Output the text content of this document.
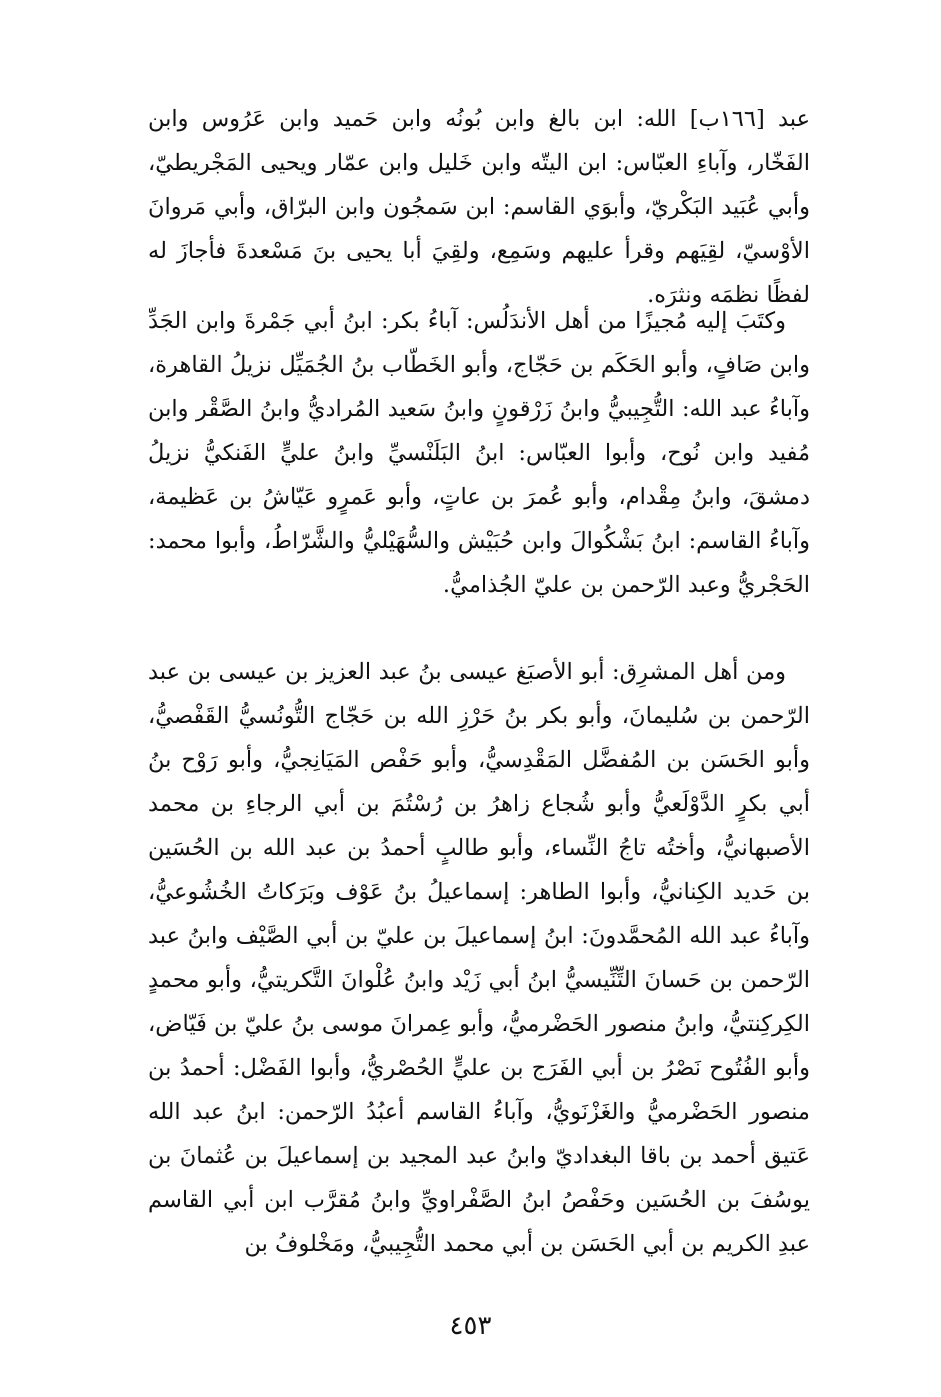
عبد [١٦٦ب] الله: ابن بالغ وابن بُونُه وابن حَميد وابن عَرُوس وابن الفَخّار، وآباءِ العبّاس: ابن اليتّه وابن خَليل وابن عمّار ويحيى المَجْريطيّ، وأبي عُبَيد البَكْريّ، وأبوَي القاسم: ابن سَمجُون وابن البرّاق، وأبي مَروانَ الأوْسيّ، لقِيَهم وقرأ عليهم وسَمِع، ولقِيَ أبا يحيى بنَ مَسْعدةَ فأجازَ له لفظًا نظمَه ونثرَه.

وكتَبَ إليه مُجيزًا من أهل الأندَلُس: آباءُ بكر: ابنُ أبي جَمْرةَ وابن الجَدِّ وابن صَافٍ، وأبو الحَكَم بن حَجّاج، وأبو الخَطّاب بنُ الجُمَيِّل نزيلُ القاهرة، وآباءُ عبد الله: التُّجِيبيُّ وابنُ زَرْقونٍ وابنُ سَعيد المُراديُّ وابنُ الصَّقْر وابن مُفيد وابن نُوح، وأبوا العبّاس: ابنُ البَلَنْسيِّ وابنُ عليٍّ الفَنكيُّ نزيلُ دمشقَ، وابنُ مِقْدام، وأبو عُمرَ بن عاتٍ، وأبو عَمرٍو عَيّاشُ بن عَظيمة، وآباءُ القاسم: ابنُ بَشْكُوالَ وابن حُبَيْش والسُّهَيْليُّ والشَّرّاطُ، وأبوا محمد: الحَجْريُّ وعبد الرّحمن بن عليّ الجُذاميُّ.

ومن أهل المشرِق: أبو الأصبَغ عيسى بنُ عبد العزيز بن عيسى بن عبد الرّحمن بن سُليمانَ، وأبو بكر بنُ حَرْزِ الله بن حَجّاج التُّونُسيُّ القَفْصيُّ، وأبو الحَسَن بن المُفضَّل المَقْدِسيُّ، وأبو حَفْص المَيَانِجيُّ، وأبو رَوْح بنُ أبي بكرٍ الدَّوْلَعيُّ وأبو شُجاع زاهرُ بن رُسْتُمَ بن أبي الرجاءِ بن محمد الأصبهانيُّ، وأختُه تاجُ النِّساء، وأبو طالبٍ أحمدُ بن عبد الله بن الحُسَين بن حَديد الكِنانيُّ، وأبوا الطاهر: إسماعيلُ بنُ عَوْف وبَرَكاتُ الخُشُوعيُّ، وآباءُ عبد الله المُحمَّدونَ: ابنُ إسماعيلَ بن عليّ بن أبي الصَّيْف وابنُ عبد الرّحمن بن حَسانَ التِّنِّيسيُّ ابنُ أبي زَيْد وابنُ عُلْوانَ التَّكريتيُّ، وأبو محمدٍ الكِركِنتيُّ، وابنُ منصور الحَضْرميُّ، وأبو عِمرانَ موسى بنُ عليّ بن فَيّاض، وأبو الفُتُوح نَصْرُ بن أبي الفَرَج بن عليٍّ الحُصْريُّ، وأبوا الفَضْل: أحمدُ بن منصور الحَضْرميُّ والغَزْنَويُّ، وآباءُ القاسم أعبُدُ الرّحمن: ابنُ عبد الله عَتيق أحمد بن باقا البغداديّ وابنُ عبد المجيد بن إسماعيلَ بن عُثمانَ بن يوسُفَ بن الحُسَين وحَفْصُ ابنُ الصَّفْراويِّ وابنُ مُقرَّب ابن أبي القاسم عبدِ الكريم بن أبي الحَسَن بن أبي محمد التُّجِيبيُّ، ومَخْلوفُ بن

٤٥٣
